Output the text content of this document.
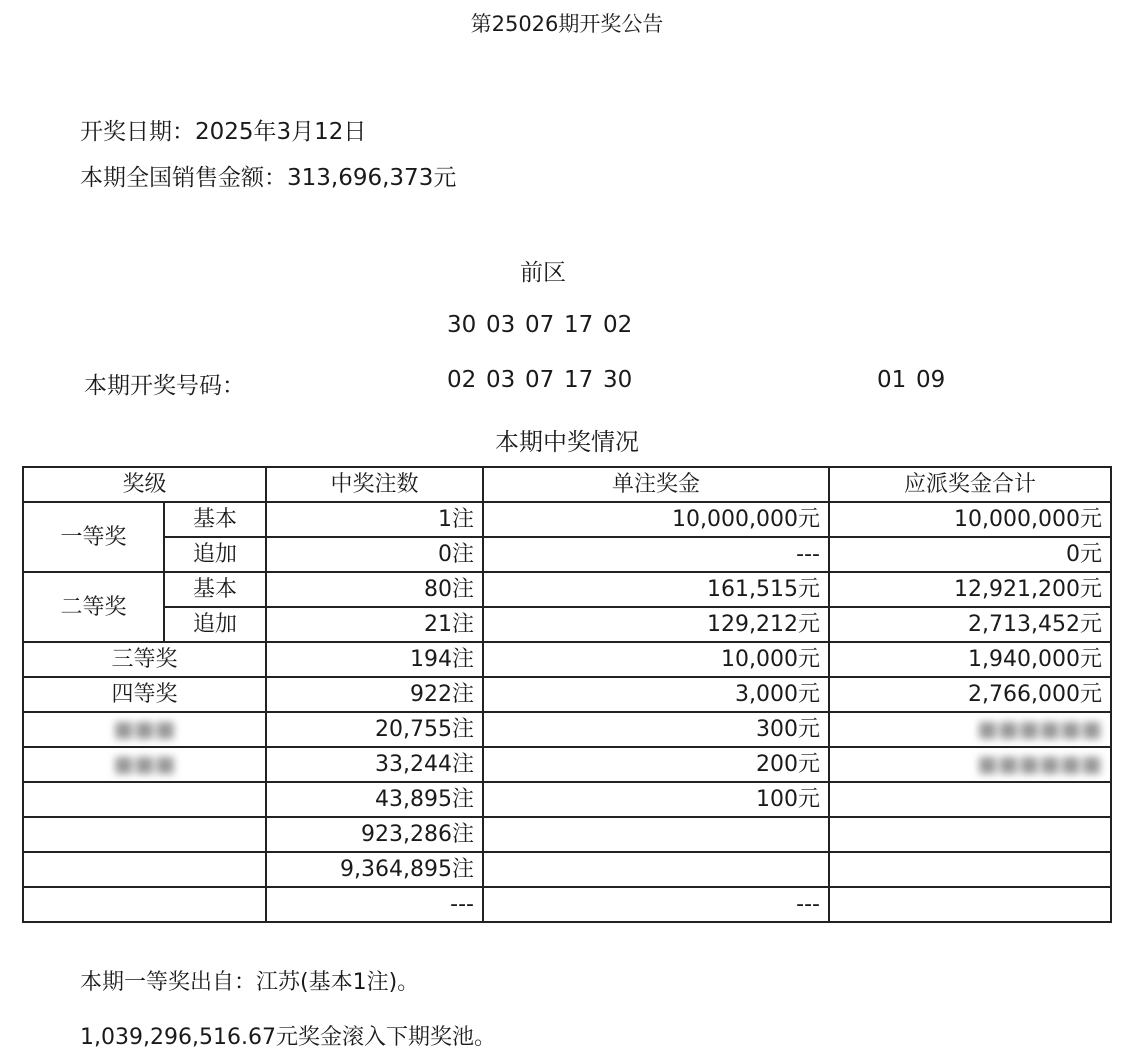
第25026期开奖公告
开奖日期：2025年3月12日
本期全国销售金额：313,696,373元
前区
30 03 07 17 02
本期开奖号码：	02 03 07 17 30	01 09
本期中奖情况
奖级		中奖注数	单注奖金	应派奖金合计
一等奖	基本	1注	10,000,000元	10,000,000元
	追加	0注	---	0元
二等奖	基本	80注	161,515元	12,921,200元
	追加	21注	129,212元	2,713,452元
三等奖		194注	10,000元	1,940,000元
四等奖		922注	3,000元	2,766,000元
■■■		20,755注	300元	■■■■■■
■■■		33,244注	200元	■■■■■■
		43,895注	100元	
		923,286注		
		9,364,895注		
		---	---	
本期一等奖出自：江苏(基本1注)。
1,039,296,516.67元奖金滚入下期奖池。
